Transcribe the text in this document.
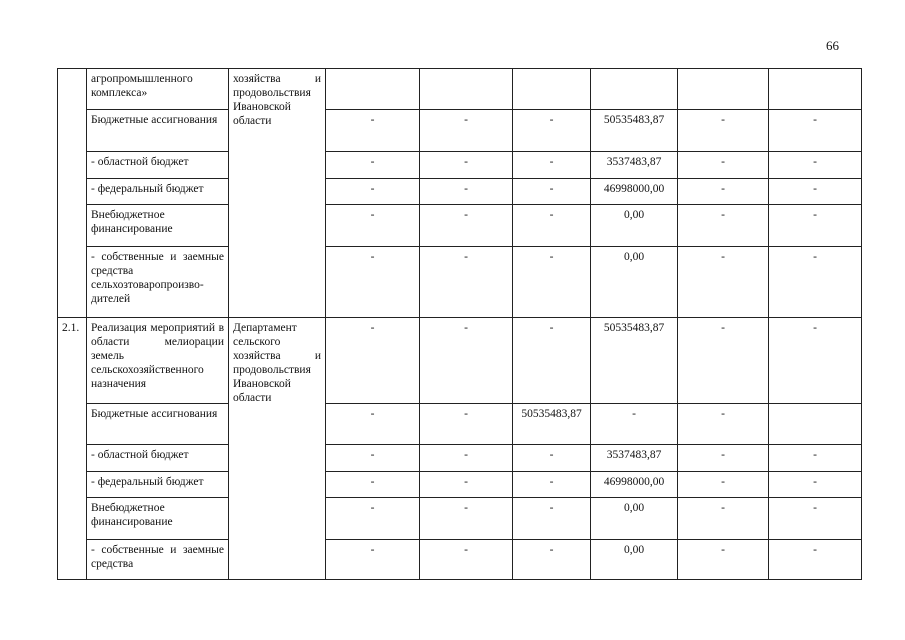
66
	агропромышленного комплекса»	хозяйства и продовольствия Ивановской области						
	Бюджетные ассигнования		-	-	-	50535483,87	-	-
	- областной бюджет		-	-	-	3537483,87	-	-
	- федеральный бюджет		-	-	-	46998000,00	-	-
	Внебюджетное финансирование		-	-	-	0,00	-	-
	- собственные и заемные средства сельхозтоваропроизво-дителей		-	-	-	0,00	-	-
2.1.	Реализация мероприятий в области мелиорации земель сельскохозяйственного назначения	Департамент сельского хозяйства и продовольствия Ивановской области	-	-	-	50535483,87	-	-
	Бюджетные ассигнования		-	-	50535483,87	-	-	
	- областной бюджет		-	-	-	3537483,87	-	-
	- федеральный бюджет		-	-	-	46998000,00	-	-
	Внебюджетное финансирование		-	-	-	0,00	-	-
	- собственные и заемные средства		-	-	-	0,00	-	-
